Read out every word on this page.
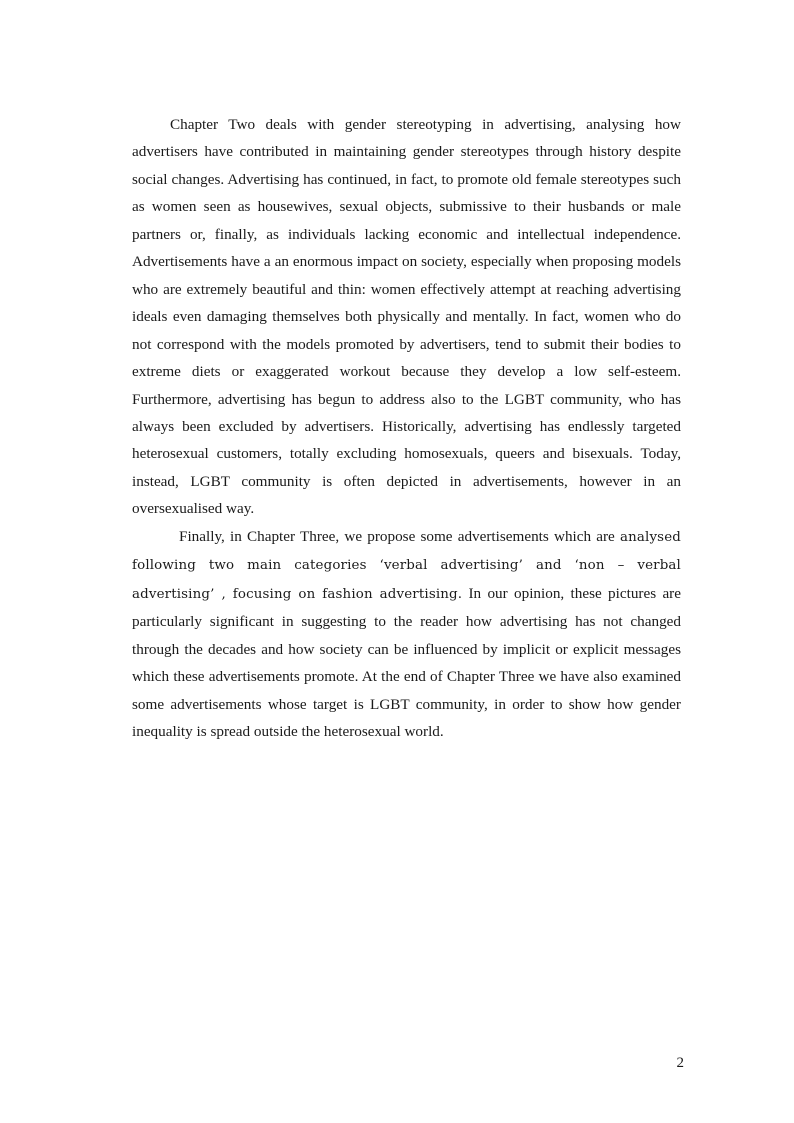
Chapter Two deals with gender stereotyping in advertising, analysing how advertisers have contributed in maintaining gender stereotypes through history despite social changes. Advertising has continued, in fact, to promote old female stereotypes such as women seen as housewives, sexual objects, submissive to their husbands or male partners or, finally, as individuals lacking economic and intellectual independence. Advertisements have a an enormous impact on society, especially when proposing models who are extremely beautiful and thin: women effectively attempt at reaching advertising ideals even damaging themselves both physically and mentally. In fact, women who do not correspond with the models promoted by advertisers, tend to submit their bodies to extreme diets or exaggerated workout because they develop a low self-esteem. Furthermore, advertising has begun to address also to the LGBT community, who has always been excluded by advertisers. Historically, advertising has endlessly targeted heterosexual customers, totally excluding homosexuals, queers and bisexuals. Today, instead, LGBT community is often depicted in advertisements, however in an oversexualised way.

Finally, in Chapter Three, we propose some advertisements which are analysed following two main categories ‘verbal advertising’ and ‘non – verbal advertising’ , focusing on fashion advertising. In our opinion, these pictures are particularly significant in suggesting to the reader how advertising has not changed through the decades and how society can be influenced by implicit or explicit messages which these advertisements promote. At the end of Chapter Three we have also examined some advertisements whose target is LGBT community, in order to show how gender inequality is spread outside the heterosexual world.

2
